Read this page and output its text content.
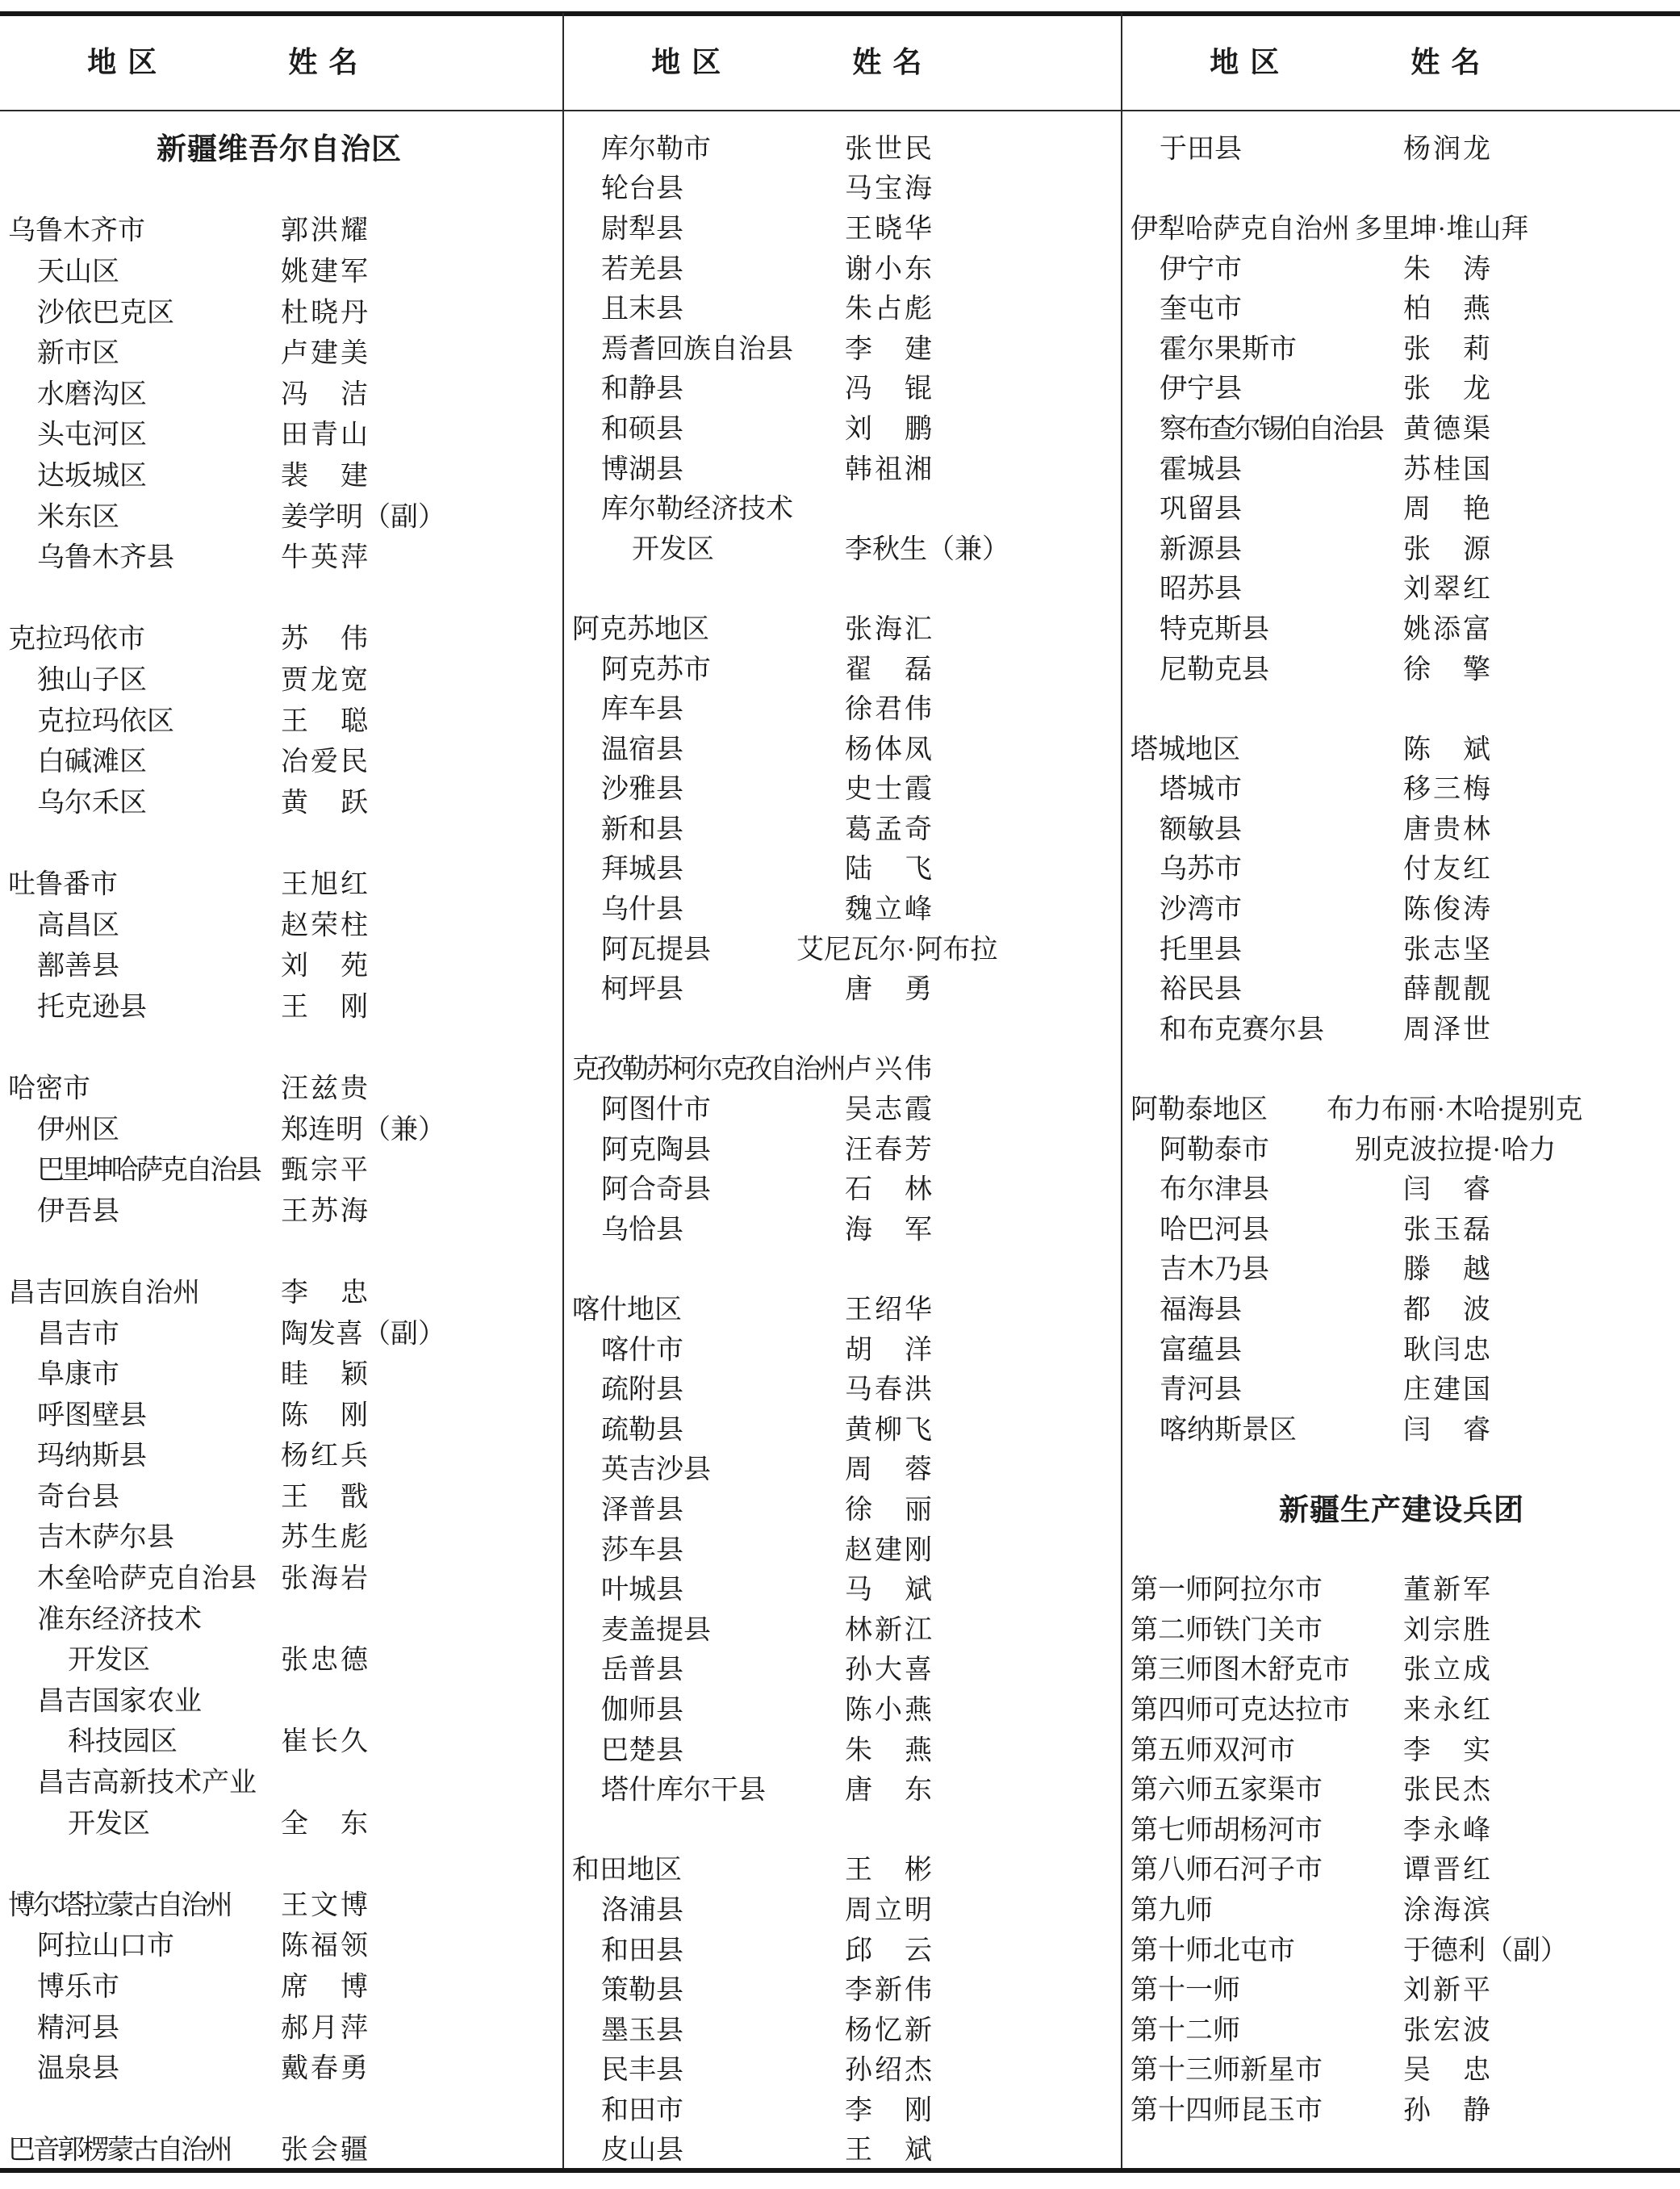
地 区	姓 名
新疆维吾尔自治区
乌鲁木齐市	郭洪耀
天山区	姚建军
沙依巴克区	杜晓丹
新市区	卢建美
水磨沟区	冯洁
头屯河区	田青山
达坂城区	裴建
米东区	姜学明（副）
乌鲁木齐县	牛英萍
克拉玛依市	苏伟
独山子区	贾龙宽
克拉玛依区	王聪
白碱滩区	冶爱民
乌尔禾区	黄跃
吐鲁番市	王旭红
高昌区	赵荣柱
鄯善县	刘苑
托克逊县	王刚
哈密市	汪兹贵
伊州区	郑连明（兼）
巴里坤哈萨克自治县 甄宗平
伊吾县	王苏海
昌吉回族自治州	李忠
昌吉市	陶发喜（副）
阜康市	眭颖
呼图壁县	陈刚
玛纳斯县	杨红兵
奇台县	王戬
吉木萨尔县	苏生彪
木垒哈萨克自治县 张海岩
准东经济技术
开发区	张忠德
昌吉国家农业
科技园区	崔长久
昌吉高新技术产业
开发区	全东
博尔塔拉蒙古自治州 王文博
阿拉山口市	陈福领
博乐市	席博
精河县	郝月萍
温泉县	戴春勇
巴音郭楞蒙古自治州 张会疆
地 区	姓 名
库尔勒市	张世民
轮台县	马宝海
尉犁县	王晓华
若羌县	谢小东
且末县	朱占彪
焉耆回族自治县 李建
和静县	冯锟
和硕县	刘鹏
博湖县	韩祖湘
库尔勒经济技术
开发区	李秋生（兼）
阿克苏地区	张海汇
阿克苏市	翟磊
库车县	徐君伟
温宿县	杨体凤
沙雅县	史士霞
新和县	葛孟奇
拜城县	陆飞
乌什县	魏立峰
阿瓦提县	艾尼瓦尔·阿布拉
柯坪县	唐勇
克孜勒苏柯尔克孜自治州 卢兴伟
阿图什市	吴志霞
阿克陶县	汪春芳
阿合奇县	石林
乌恰县	海军
喀什地区	王绍华
喀什市	胡洋
疏附县	马春洪
疏勒县	黄柳飞
英吉沙县	周蓉
泽普县	徐丽
莎车县	赵建刚
叶城县	马斌
麦盖提县	林新江
岳普县	孙大喜
伽师县	陈小燕
巴楚县	朱燕
塔什库尔干县	唐东
和田地区	王彬
洛浦县	周立明
和田县	邱云
策勒县	李新伟
墨玉县	杨忆新
民丰县	孙绍杰
和田市	李刚
皮山县	王斌
地 区	姓 名
于田县	杨润龙
伊犁哈萨克自治州 多里坤·堆山拜
伊宁市	朱涛
奎屯市	柏燕
霍尔果斯市	张莉
伊宁县	张龙
察布查尔锡伯自治县 黄德渠
霍城县	苏桂国
巩留县	周艳
新源县	张源
昭苏县	刘翠红
特克斯县	姚添富
尼勒克县	徐擎
塔城地区	陈斌
塔城市	移三梅
额敏县	唐贵林
乌苏市	付友红
沙湾市	陈俊涛
托里县	张志坚
裕民县	薛靓靓
和布克赛尔县	周泽世
阿勒泰地区 布力布丽·木哈提别克
阿勒泰市	别克波拉提·哈力
布尔津县	闫睿
哈巴河县	张玉磊
吉木乃县	滕越
福海县	都波
富蕴县	耿闫忠
青河县	庄建国
喀纳斯景区	闫睿
新疆生产建设兵团
第一师阿拉尔市	董新军
第二师铁门关市	刘宗胜
第三师图木舒克市 张立成
第四师可克达拉市 来永红
第五师双河市	李实
第六师五家渠市	张民杰
第七师胡杨河市	李永峰
第八师石河子市	谭晋红
第九师	涂海滨
第十师北屯市	于德利（副）
第十一师	刘新平
第十二师	张宏波
第十三师新星市	吴忠
第十四师昆玉市	孙静
